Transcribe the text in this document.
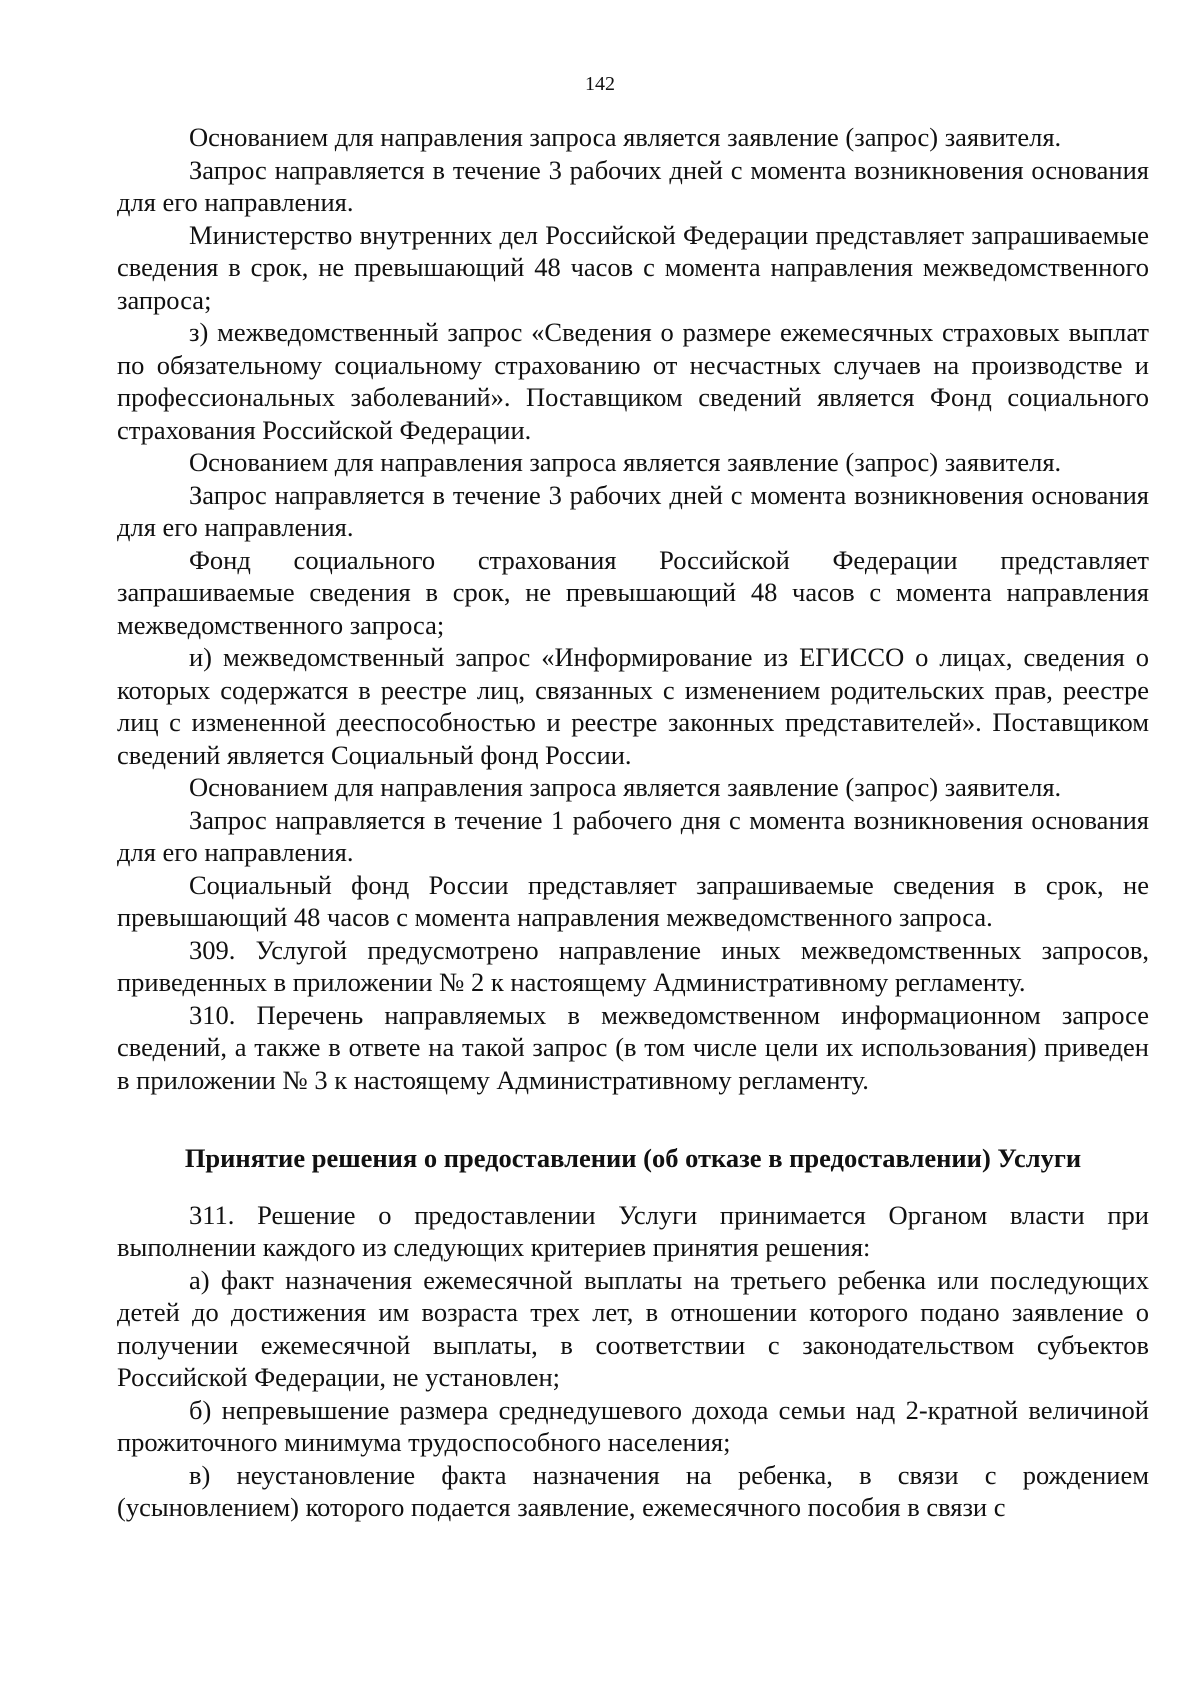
142

Основанием для направления запроса является заявление (запрос) заявителя.

Запрос направляется в течение 3 рабочих дней с момента возникновения основания для его направления.

Министерство внутренних дел Российской Федерации представляет запрашиваемые сведения в срок, не превышающий 48 часов с момента направления межведомственного запроса;

з) межведомственный запрос «Сведения о размере ежемесячных страховых выплат по обязательному социальному страхованию от несчастных случаев на производстве и профессиональных заболеваний». Поставщиком сведений является Фонд социального страхования Российской Федерации.

Основанием для направления запроса является заявление (запрос) заявителя.

Запрос направляется в течение 3 рабочих дней с момента возникновения основания для его направления.

Фонд социального страхования Российской Федерации представляет запрашиваемые сведения в срок, не превышающий 48 часов с момента направления межведомственного запроса;

и) межведомственный запрос «Информирование из ЕГИССО о лицах, сведения о которых содержатся в реестре лиц, связанных с изменением родительских прав, реестре лиц с измененной дееспособностью и реестре законных представителей». Поставщиком сведений является Социальный фонд России.

Основанием для направления запроса является заявление (запрос) заявителя.

Запрос направляется в течение 1 рабочего дня с момента возникновения основания для его направления.

Социальный фонд России представляет запрашиваемые сведения в срок, не превышающий 48 часов с момента направления межведомственного запроса.

309. Услугой предусмотрено направление иных межведомственных запросов, приведенных в приложении № 2 к настоящему Административному регламенту.

310. Перечень направляемых в межведомственном информационном запросе сведений, а также в ответе на такой запрос (в том числе цели их использования) приведен в приложении № 3 к настоящему Административному регламенту.

Принятие решения о предоставлении (об отказе в предоставлении) Услуги

311. Решение о предоставлении Услуги принимается Органом власти при выполнении каждого из следующих критериев принятия решения:

а) факт назначения ежемесячной выплаты на третьего ребенка или последующих детей до достижения им возраста трех лет, в отношении которого подано заявление о получении ежемесячной выплаты, в соответствии с законодательством субъектов Российской Федерации, не установлен;

б) непревышение размера среднедушевого дохода семьи над 2-кратной величиной прожиточного минимума трудоспособного населения;

в) неустановление факта назначения на ребенка, в связи с рождением (усыновлением) которого подается заявление, ежемесячного пособия в связи с
